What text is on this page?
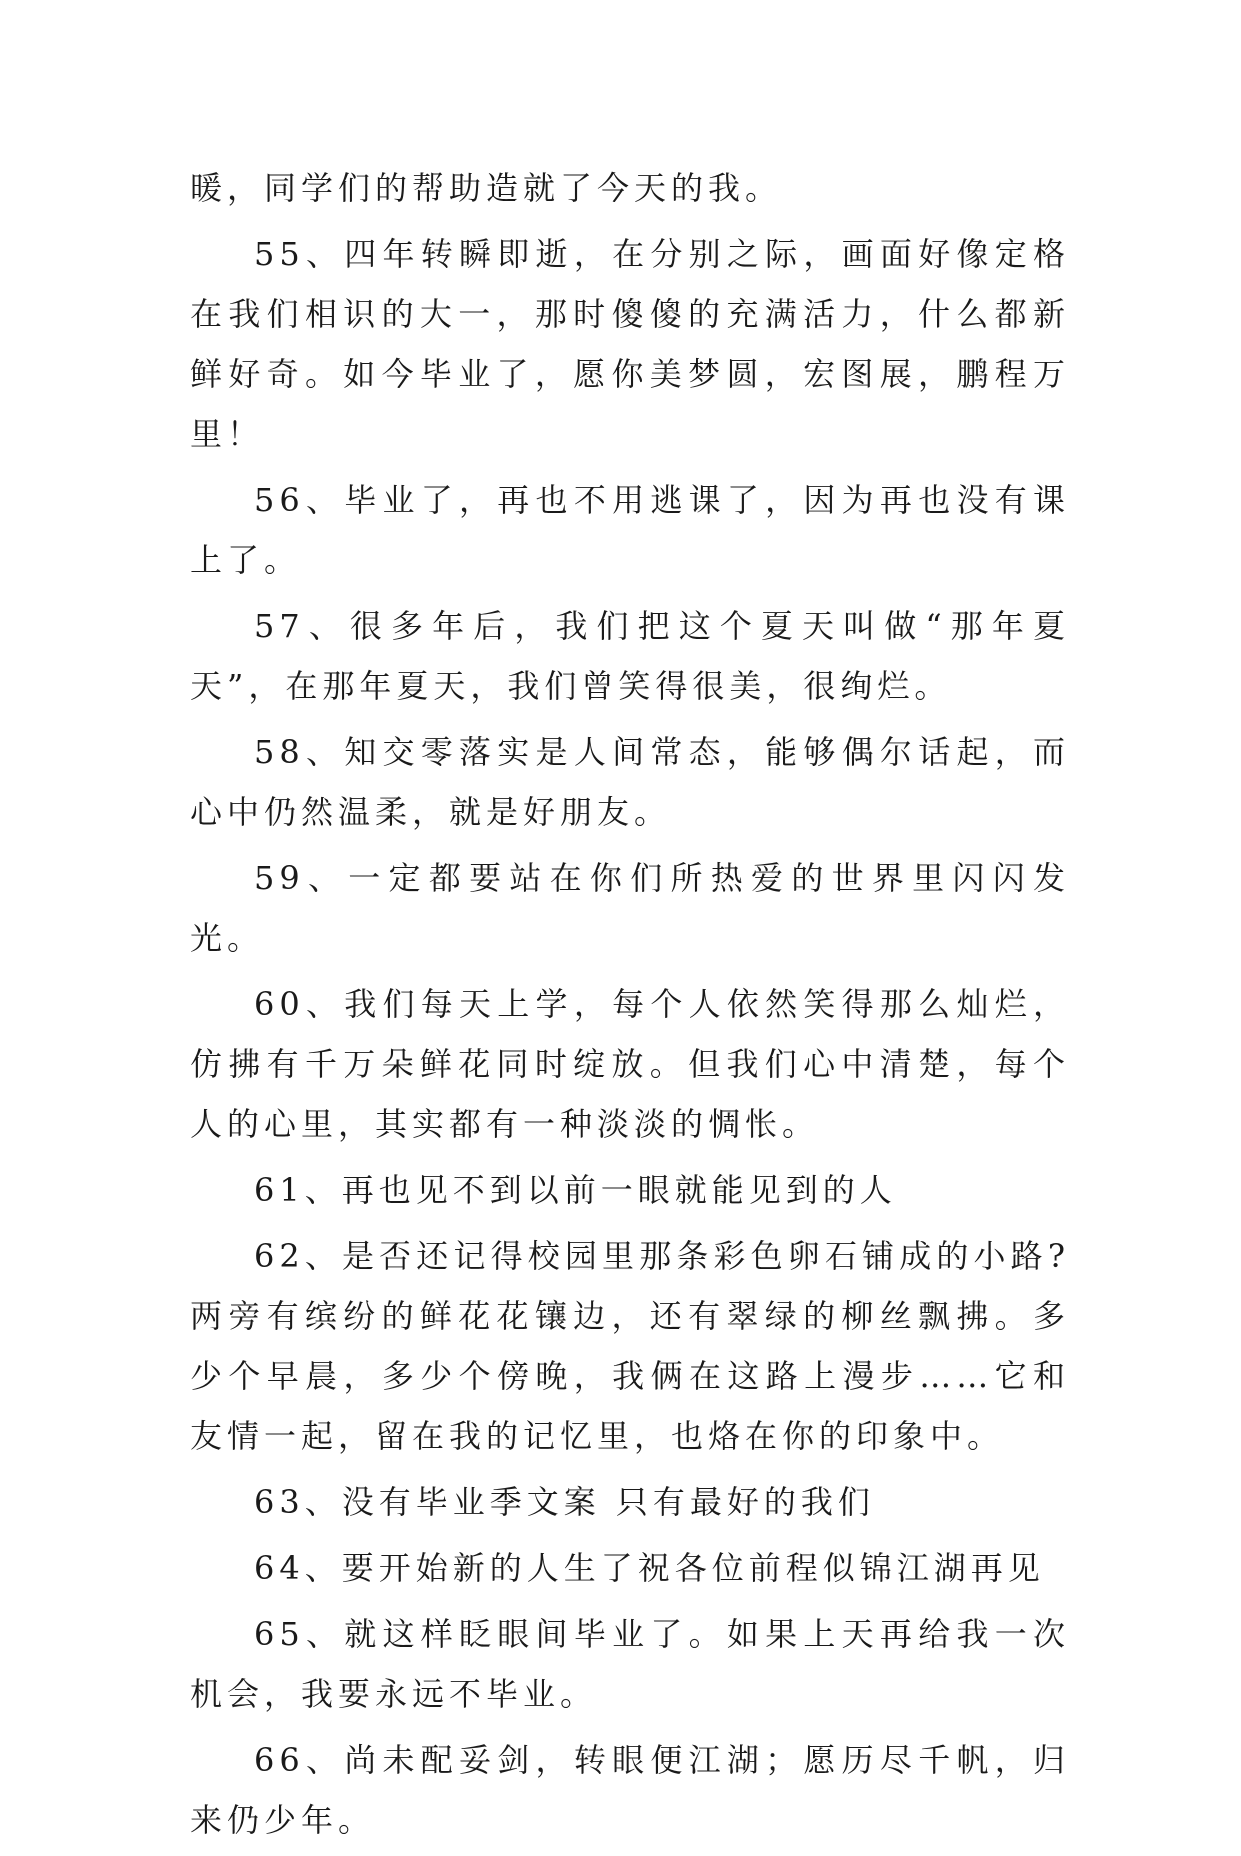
暖，同学们的帮助造就了今天的我。

55、四年转瞬即逝，在分别之际，画面好像定格在我们相识的大一，那时傻傻的充满活力，什么都新鲜好奇。如今毕业了，愿你美梦圆，宏图展，鹏程万里！

56、毕业了，再也不用逃课了，因为再也没有课上了。

57、很多年后，我们把这个夏天叫做“那年夏天”，在那年夏天，我们曾笑得很美，很绚烂。

58、知交零落实是人间常态，能够偶尔话起，而心中仍然温柔，就是好朋友。

59、一定都要站在你们所热爱的世界里闪闪发光。

60、我们每天上学，每个人依然笑得那么灿烂，仿拂有千万朵鲜花同时绽放。但我们心中清楚，每个人的心里，其实都有一种淡淡的惆怅。

61、再也见不到以前一眼就能见到的人

62、是否还记得校园里那条彩色卵石铺成的小路?两旁有缤纷的鲜花花镶边，还有翠绿的柳丝飘拂。多少个早晨，多少个傍晚，我俩在这路上漫步……它和友情一起，留在我的记忆里，也烙在你的印象中。

63、没有毕业季文案 只有最好的我们

64、要开始新的人生了祝各位前程似锦江湖再见

65、就这样眨眼间毕业了。如果上天再给我一次机会，我要永远不毕业。

66、尚未配妥剑，转眼便江湖；愿历尽千帆，归来仍少年。
